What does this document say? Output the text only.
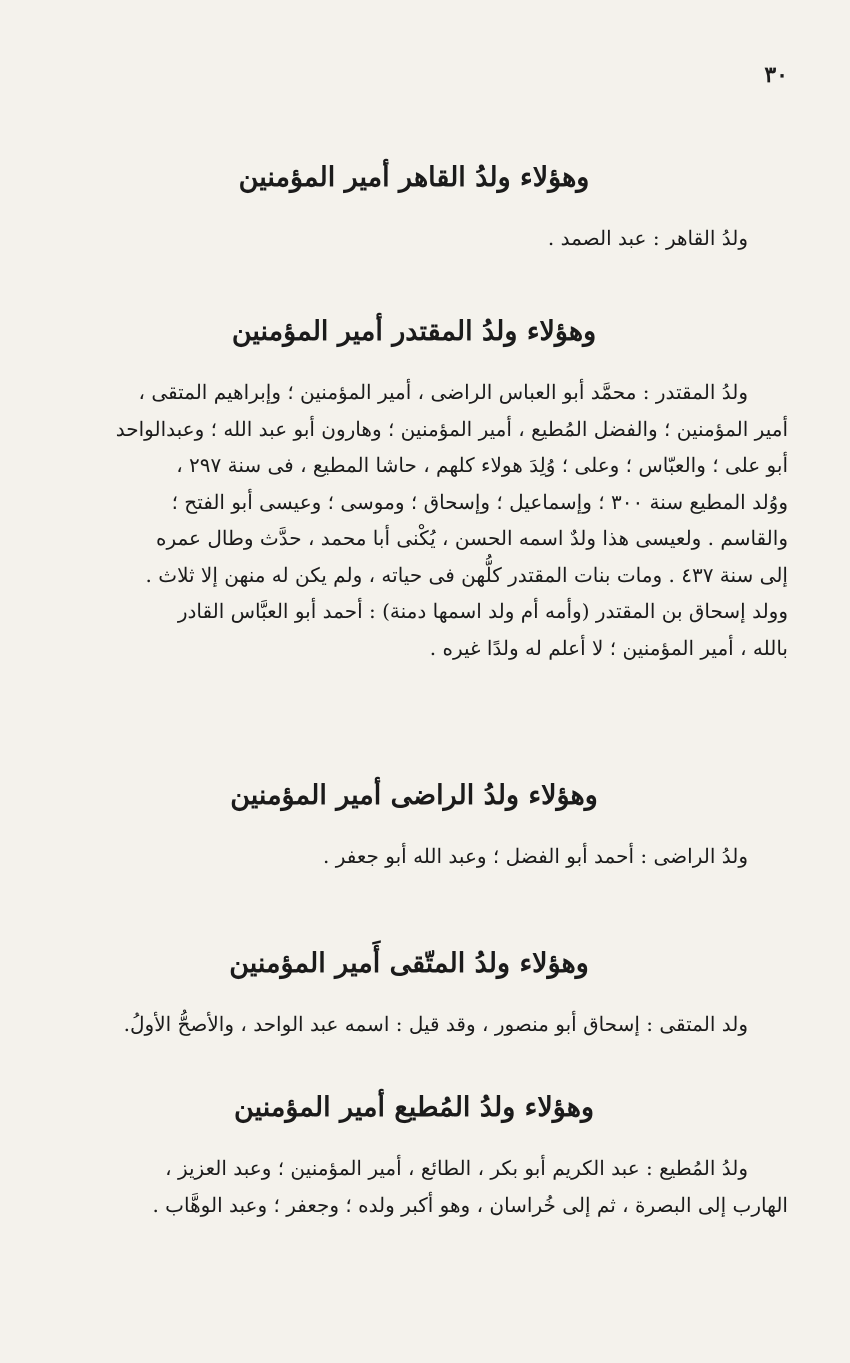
٣٠
وهؤلاء ولدُ القاهر أمير المؤمنين

ولدُ القاهر : عبد الصمد .

وهؤلاء ولدُ المقتدر أمير المؤمنين

ولدُ المقتدر : محمَّد أبو العباس الراضى ، أمير المؤمنين ؛ وإبراهيم المتقى ،
أمير المؤمنين ؛ والفضل المُطيع ، أمير المؤمنين ؛ وهارون أبو عبد الله ؛ وعبدالواحد
أبو على ؛ والعبّاس ؛ وعلى ؛ وُلِدَ هولاء كلهم ، حاشا المطيع ، فى سنة ٢٩٧ ،
ووُلد المطيع سنة ٣٠٠ ؛ وإسماعيل ؛ وإسحاق ؛ وموسى ؛ وعيسى أبو الفتح ؛
والقاسم . ولعيسى هذا ولدٌ اسمه الحسن ، يُكْنى أبا محمد ، حدَّث وطال عمره
إلى سنة ٤٣٧ . ومات بنات المقتدر كلُّهن فى حياته ، ولم يكن له منهن إلا ثلاث .
وولد إسحاق بن المقتدر (وأمه أم ولد اسمها دمنة) : أحمد أبو العبَّاس القادر
بالله ، أمير المؤمنين ؛ لا أعلم له ولدًا غيره .

وهؤلاء ولدُ الراضى أمير المؤمنين

ولدُ الراضى : أحمد أبو الفضل ؛ وعبد الله أبو جعفر .

وهؤلاء ولدُ المتّقى أَمير المؤمنين

ولد المتقى : إسحاق أبو منصور ، وقد قيل : اسمه عبد الواحد ، والأصحُّ الأولُ.

وهؤلاء ولدُ المُطيع أمير المؤمنين

ولدُ المُطيع : عبد الكريم أبو بكر ، الطائع ، أمير المؤمنين ؛ وعبد العزيز ،
الهارب إلى البصرة ، ثم إلى خُراسان ، وهو أكبر ولده ؛ وجعفر ؛ وعبد الوهَّاب .
